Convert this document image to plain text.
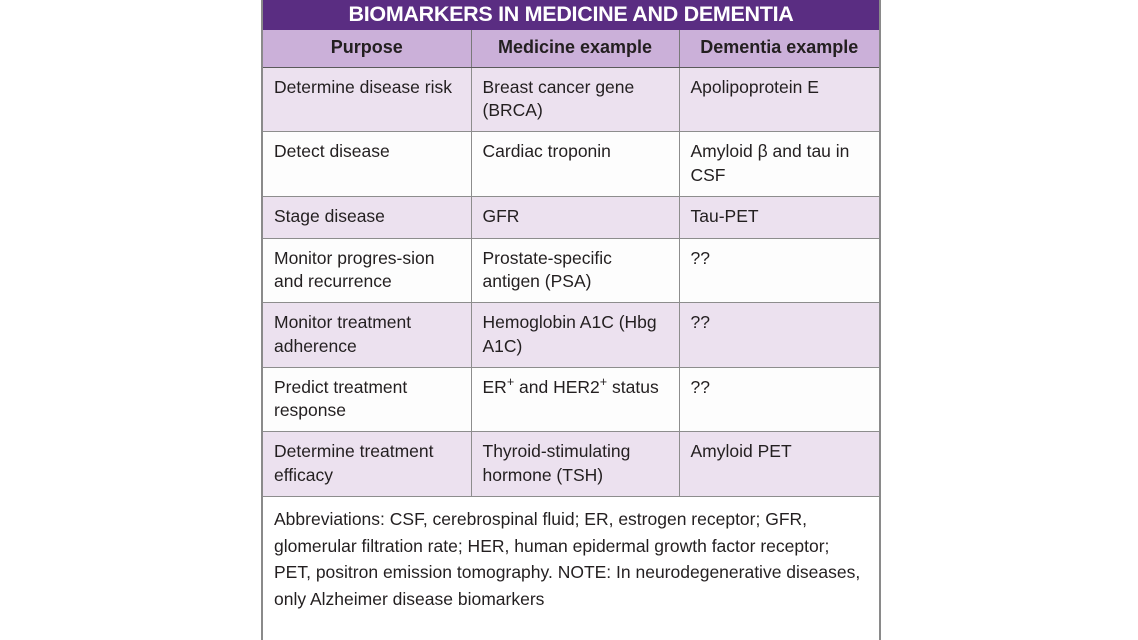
BIOMARKERS IN MEDICINE AND DEMENTIA
Purpose	Medicine example	Dementia example
Determine disease risk	Breast cancer gene (BRCA)	Apolipoprotein E
Detect disease	Cardiac troponin	Amyloid β and tau in CSF
Stage disease	GFR	Tau-PET
Monitor progres-sion and recurrence	Prostate-specific antigen (PSA)	??
Monitor treatment adherence	Hemoglobin A1C (Hbg A1C)	??
Predict treatment response	ER+ and HER2+ status	??
Determine treatment efficacy	Thyroid-stimulating hormone (TSH)	Amyloid PET
Abbreviations: CSF, cerebrospinal fluid; ER, estrogen receptor; GFR, glomerular filtration rate; HER, human epidermal growth factor receptor; PET, positron emission tomography. NOTE: In neurodegenerative diseases, only Alzheimer disease biomarkers
